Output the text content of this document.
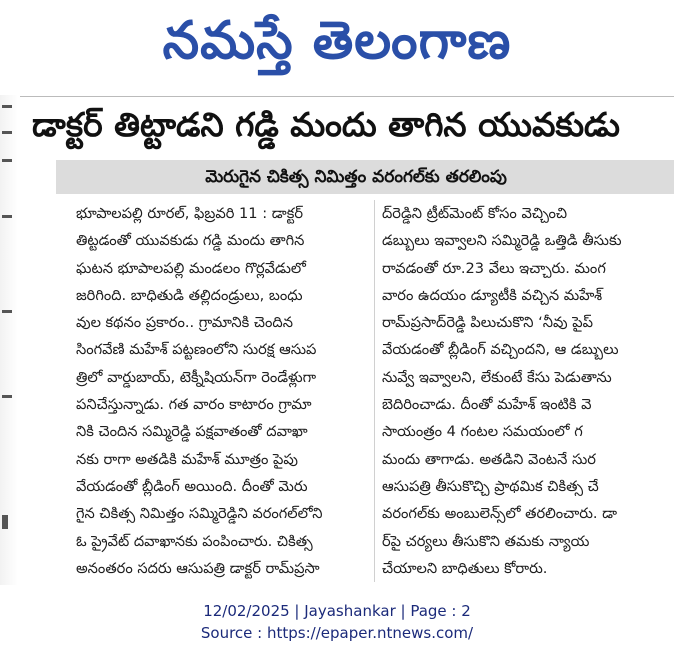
నమస్తే తెలంగాణ
డాక్టర్ తిట్టాడని గడ్డి మందు తాగిన యువకుడు
మెరుగైన చికిత్స నిమిత్తం వరంగల్‌కు తరలింపు
భూపాలపల్లి రూరల్, ఫిబ్రవరి 11 : డాక్టర్
తిట్టడంతో యువకుడు గడ్డి మందు తాగిన
ఘటన భూపాలపల్లి మండలం గొర్లవేడులో
జరిగింది. బాధితుడి తల్లిదండ్రులు, బంధు
వుల కథనం ప్రకారం.. గ్రామానికి చెందిన
సింగవేణి మహేశ్ పట్టణంలోని సురక్ష ఆసుప
త్రిలో వార్డుబాయ్, టెక్నీషియన్‌గా రెండేళ్లుగా
పనిచేస్తున్నాడు. గత వారం కాటారం గ్రామా
నికి చెందిన సమ్మిరెడ్డి పక్షవాతంతో దవాఖా
నకు రాగా అతడికి మహేశ్ మూత్రం పైపు
వేయడంతో బ్లీడింగ్ అయింది. దీంతో మెరు
గైన చికిత్స నిమిత్తం సమ్మిరెడ్డిని వరంగల్‌లోని
ఓ ప్రైవేట్ దవాఖానకు పంపించారు. చికిత్స
అనంతరం సదరు ఆసుపత్రి డాక్టర్ రామ్‌ప్రసా
ద్‌రెడ్డిని ట్రీట్‌మెంట్ కోసం వెచ్చించి
డబ్బులు ఇవ్వాలని సమ్మిరెడ్డి ఒత్తిడి తీసుకు
రావడంతో రూ.23 వేలు ఇచ్చారు. మంగ
వారం ఉదయం డ్యూటీకి వచ్చిన మహేశ్
రామ్‌ప్రసాద్‌రెడ్డి పిలుచుకొని ‘నీవు పైప్
వేయడంతో బ్లీడింగ్ వచ్చిందని, ఆ డబ్బులు
నువ్వే ఇవ్వాలని, లేకుంటే కేసు పెడుతాను
బెదిరించాడు. దీంతో మహేశ్ ఇంటికి వె
సాయంత్రం 4 గంటల సమయంలో గ
మందు తాగాడు. అతడిని వెంటనే సుర
ఆసుపత్రి తీసుకొచ్చి ప్రాథమిక చికిత్స చే
వరంగల్‌కు అంబులెన్స్‌లో తరలించారు. డా
ర్‌పై చర్యలు తీసుకొని తమకు న్యాయ
చేయాలని బాధితులు కోరారు.
12/02/2025 | Jayashankar | Page : 2
Source : https://epaper.ntnews.com/
